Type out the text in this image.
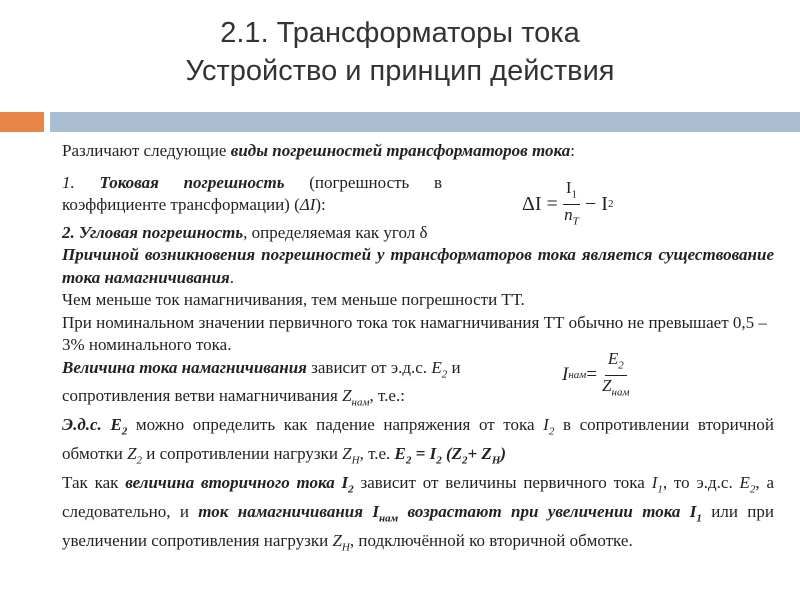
2.1. Трансформаторы тока
Устройство и принцип действия

Различают следующие виды погрешностей трансформаторов тока:

1. Токовая погрешность (погрешность в коэффициенте трансформации) (ΔI):	$\Delta I = \frac{I_1}{n_T} - I$ 2

2. Угловая погрешность, определяемая как угол δ

Причиной возникновения погрешностей у трансформаторов тока является существование тока намагничивания.

Чем меньше ток намагничивания, тем меньше погрешности ТТ.

При номинальном значении первичного тока ток намагничивания ТТ обычно не превышает 0,5 – 3% номинального тока.

Величина тока намагничивания зависит от э.д.с. $E_2$ и сопротивления ветви намагничивания $Z_{нам}$, т.е.:
I нам = $\frac{E_2}{Z_{нам}}$

Э.д.с. $E_2$ можно определить как падение напряжения от тока $I_2$ в сопротивлении вторичной обмотки $Z_2$ и сопротивлении нагрузки $Z_Н$, т.е. $E_2 = I_2$ $(Z_2+ Z_Н)$

Так как величина вторичного тока $I_2$ зависит от величины первичного тока $I_1$, то э.д.с. $E_2$, а следовательно, и ток намагничивания $I_{нам}$ возрастают при увеличении тока $I_1$ или при увеличении сопротивления нагрузки $Z_Н$, подключённой ко вторичной обмотке.
